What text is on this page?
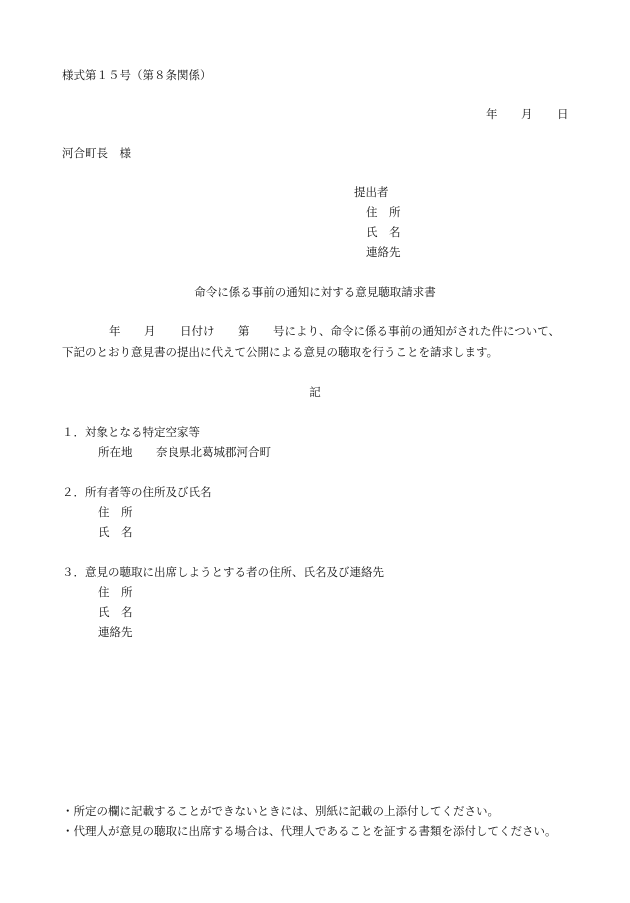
様式第１５号（第８条関係）
年 月 日
河合町長　様
提出者
住　所
氏　名
連絡先
命令に係る事前の通知に対する意見聴取請求書
年 月 日付け 第 号により、命令に係る事前の通知がされた件について、
下記のとおり意見書の提出に代えて公開による意見の聴取を行うことを請求します。
記
１．対象となる特定空家等
所在地 奈良県北葛城郡河合町
２．所有者等の住所及び氏名
住　所
氏　名
３．意見の聴取に出席しようとする者の住所、氏名及び連絡先
住　所
氏　名
連絡先
・所定の欄に記載することができないときには、別紙に記載の上添付してください。
・代理人が意見の聴取に出席する場合は、代理人であることを証する書類を添付してください。
